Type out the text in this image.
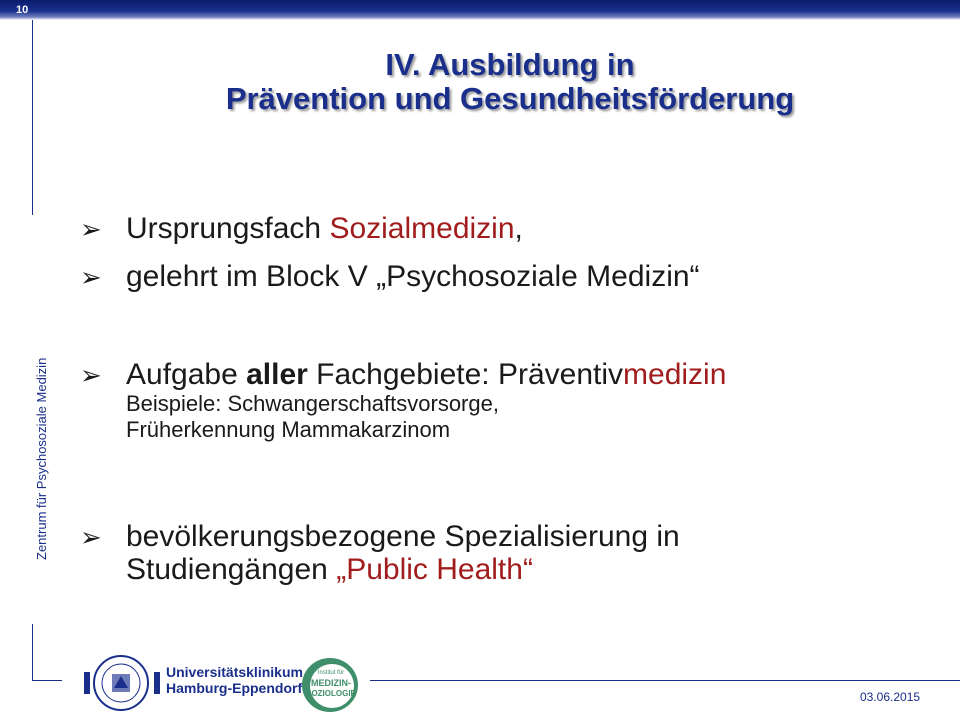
10
Zentrum für Psychosoziale Medizin
IV. Ausbildung in
Prävention und Gesundheitsförderung
➢ Ursprungsfach Sozialmedizin,
➢ gelehrt im Block V „Psychosoziale Medizin“
➢ Aufgabe aller Fachgebiete: Präventivmedizin
Beispiele: Schwangerschaftsvorsorge,
Früherkennung Mammakarzinom
➢ bevölkerungsbezogene Spezialisierung in
Studiengängen „Public Health“
Universitätsklinikum
Hamburg-Eppendorf
Institut für
MEDIZIN-
SOZIOLOGIE	03.06.2015
